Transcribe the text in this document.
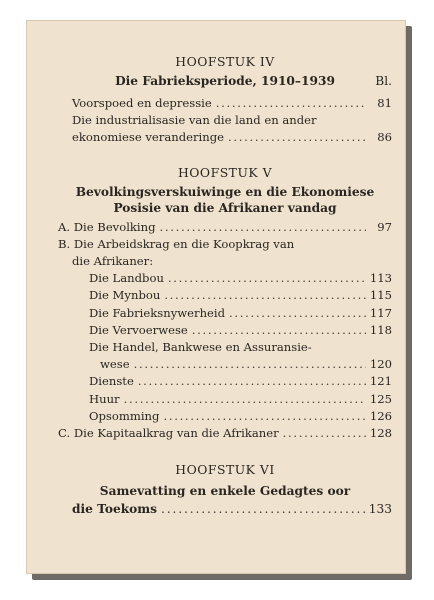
HOOFSTUK IV
Die Fabrieksperiode, 1910–1939	Bl.
Voorspoed en depressie . . .	81
Die industrialisasie van die land en ander
ekonomiese veranderinge . . .	86
HOOFSTUK V
Bevolkingsverskuiwinge en die Ekonomiese
Posisie van die Afrikaner vandag
A. Die Bevolking . . .	97
B. Die Arbeidskrag en die Koopkrag van
die Afrikaner:
Die Landbou . . .	113
Die Mynbou . . .	115
Die Fabrieksnywerheid . . .	117
Die Vervoerwese . . .	118
Die Handel, Bankwese en Assuransie-
wese . . .	120
Dienste . . .	121
Huur . . .	125
Opsomming . . .	126
C. Die Kapitaalkrag van die Afrikaner . . .	128
HOOFSTUK VI
Samevatting en enkele Gedagtes oor
die Toekoms . . .	133
